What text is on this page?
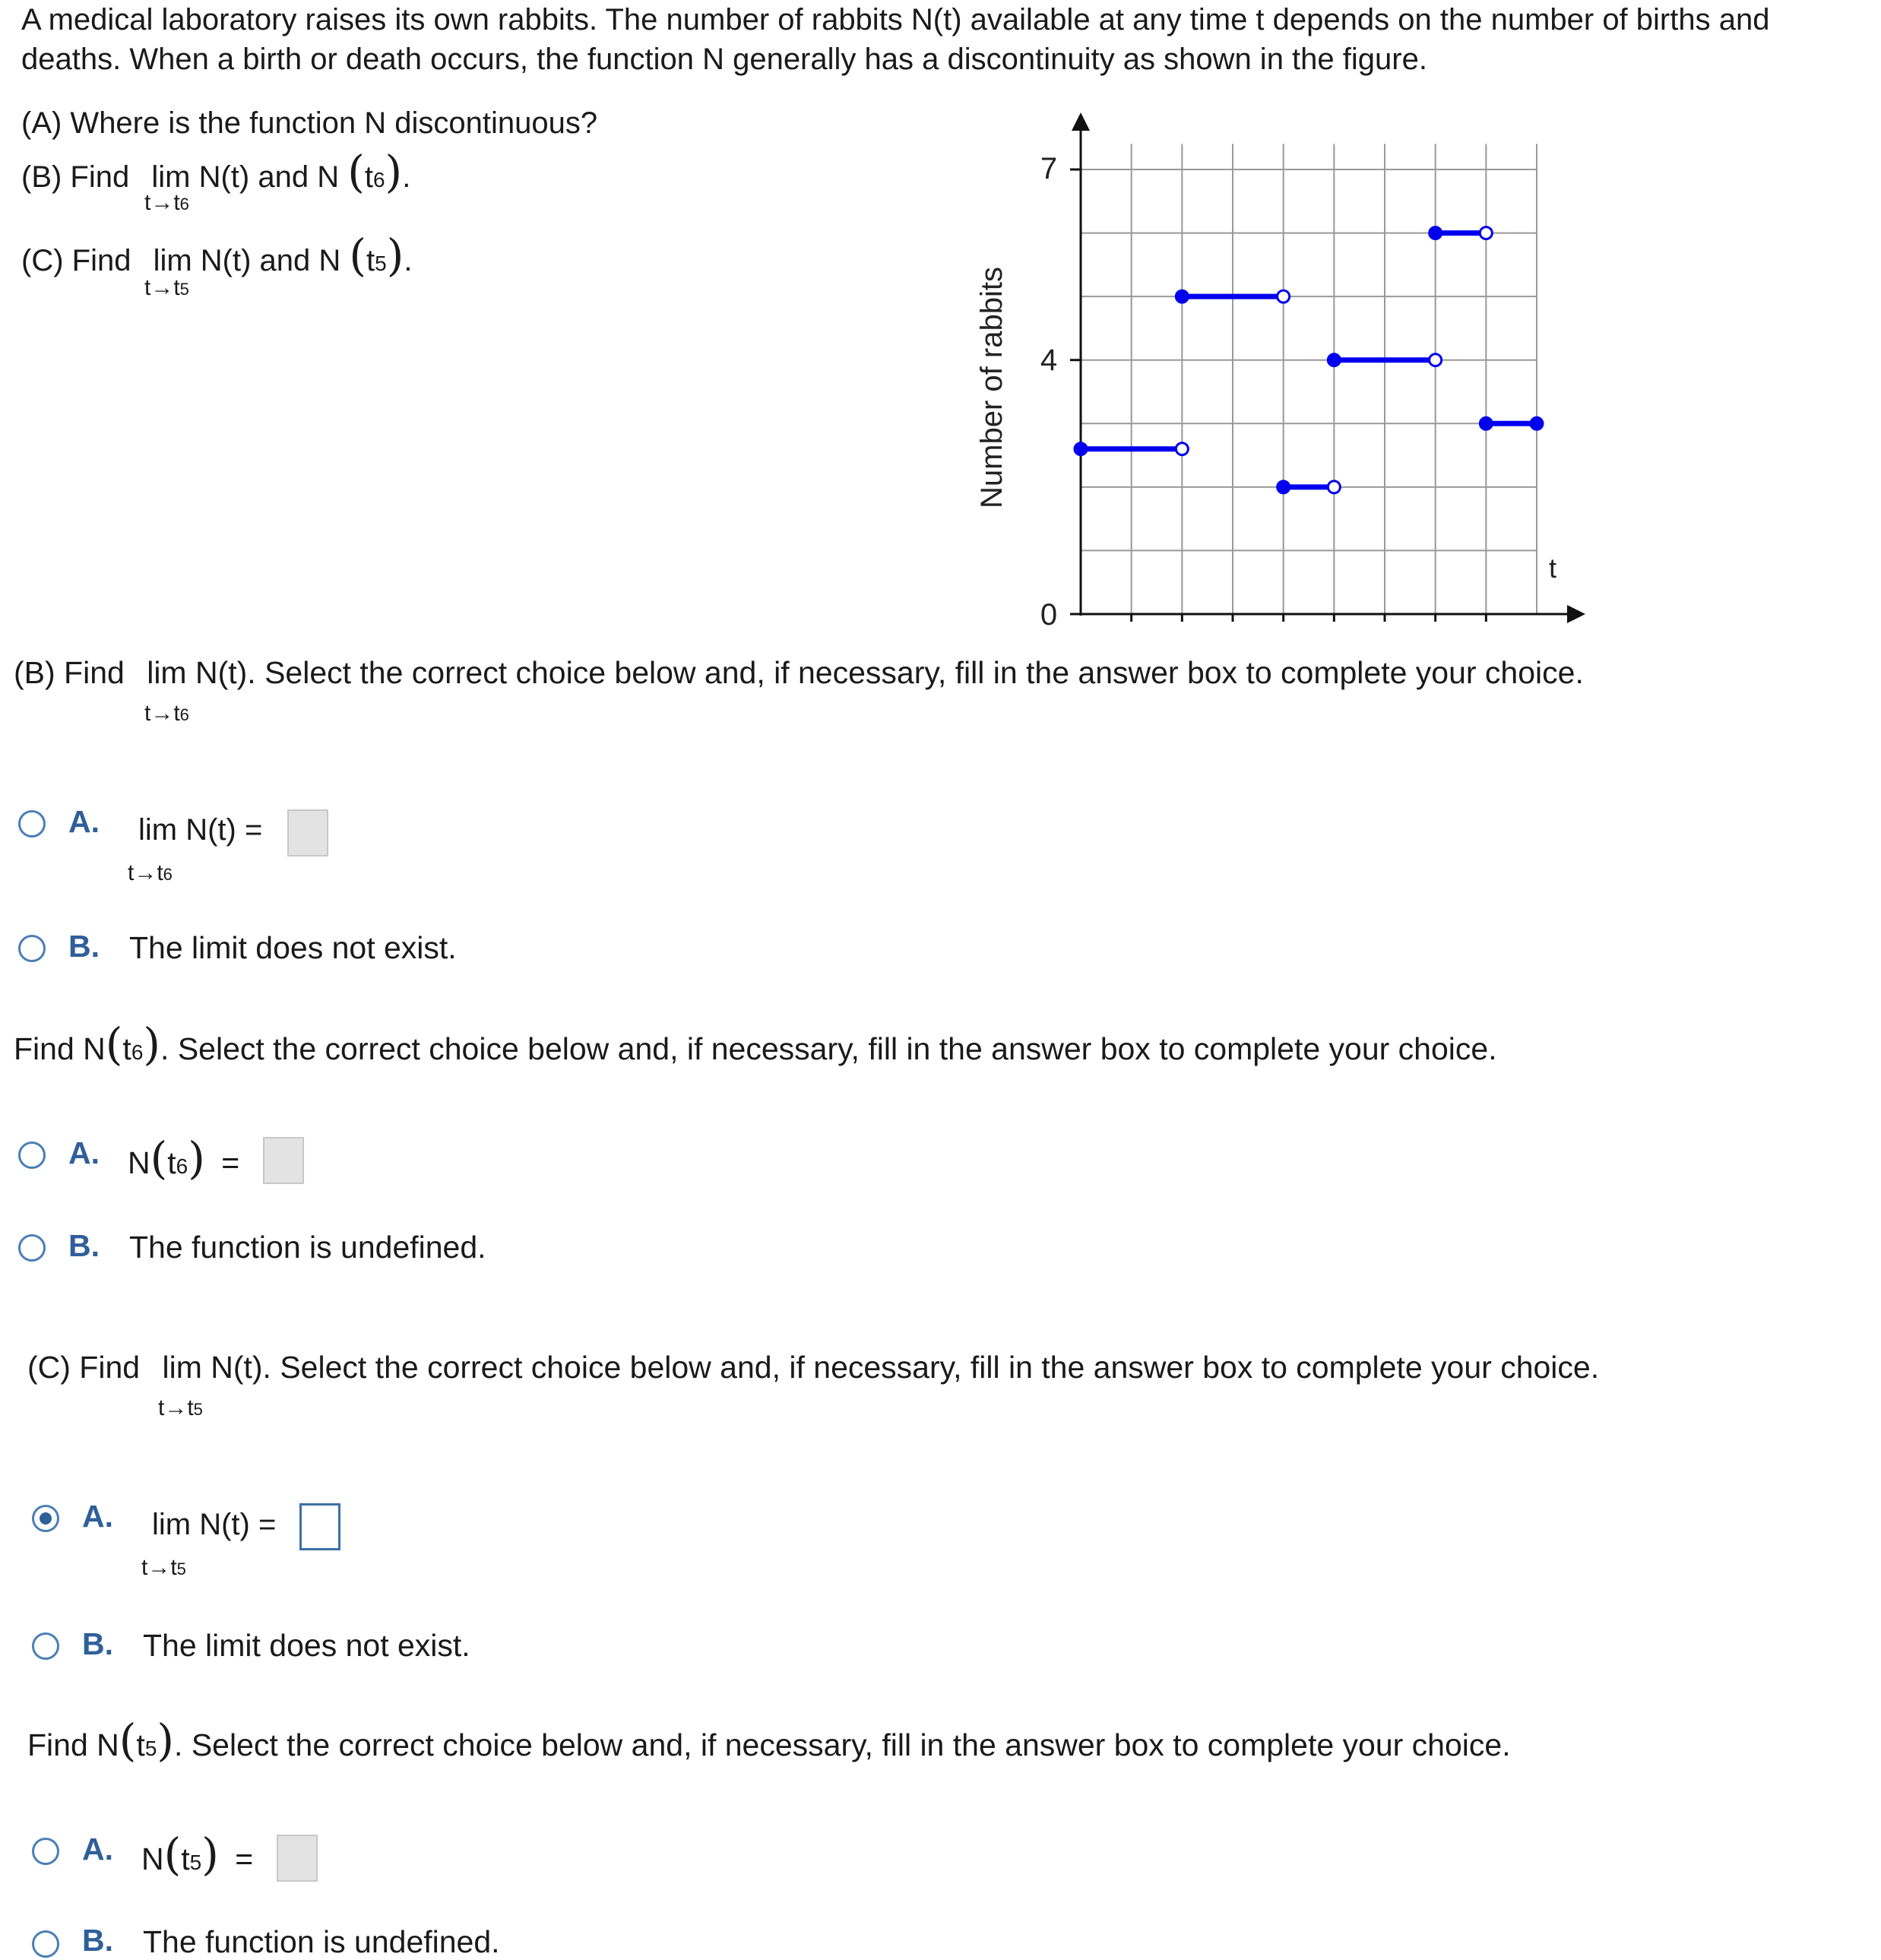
A medical laboratory raises its own rabbits. The number of rabbits N(t) available at any time t depends on the number of births and
deaths. When a birth or death occurs, the function N generally has a discontinuity as shown in the figure.
(A) Where is the function N discontinuous?
(B) Find lim N(t) and N (t6).
t→t6
(C) Find lim N(t) and N (t5).
t→t5	Number of rabbits
t
7
4
0
(B) Find lim N(t). Select the correct choice below and, if necessary, fill in the answer box to complete your choice.
t→t6
A. lim N(t) =
t→t6
B. The limit does not exist.
Find N(t6). Select the correct choice below and, if necessary, fill in the answer box to complete your choice.
A. N(t6) =
B. The function is undefined.
(C) Find lim N(t). Select the correct choice below and, if necessary, fill in the answer box to complete your choice.
t→t5
A. lim N(t) =
t→t5
B. The limit does not exist.
Find N(t5). Select the correct choice below and, if necessary, fill in the answer box to complete your choice.
A. N(t5) =
B. The function is undefined.
